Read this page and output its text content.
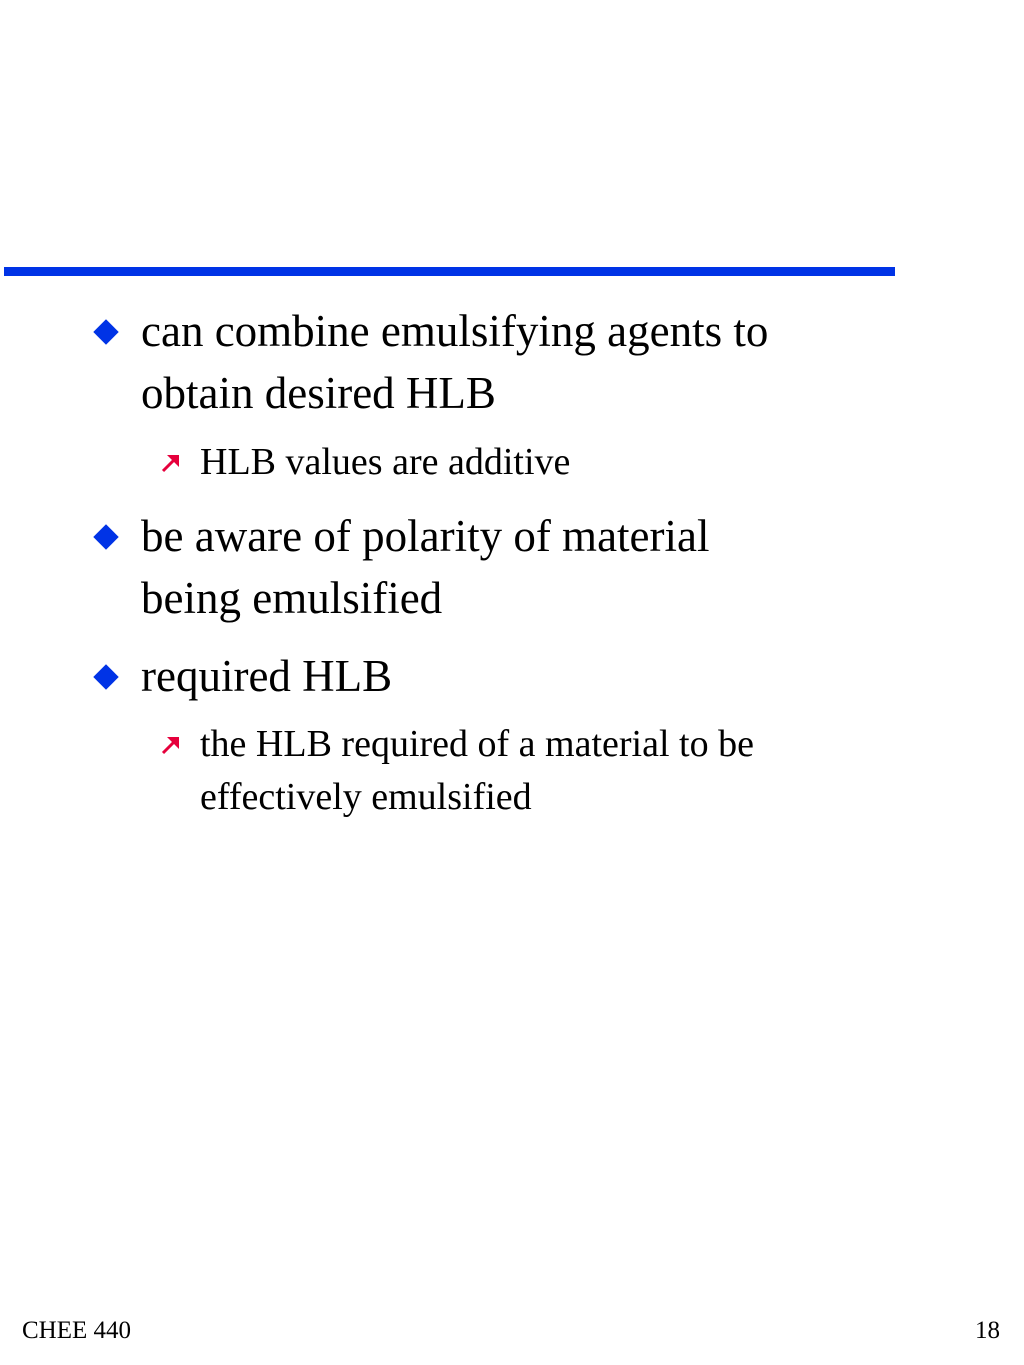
can combine emulsifying agents to
obtain desired HLB
HLB values are additive
be aware of polarity of material
being emulsified
required HLB
the HLB required of a material to be
effectively emulsified
CHEE 440	18
